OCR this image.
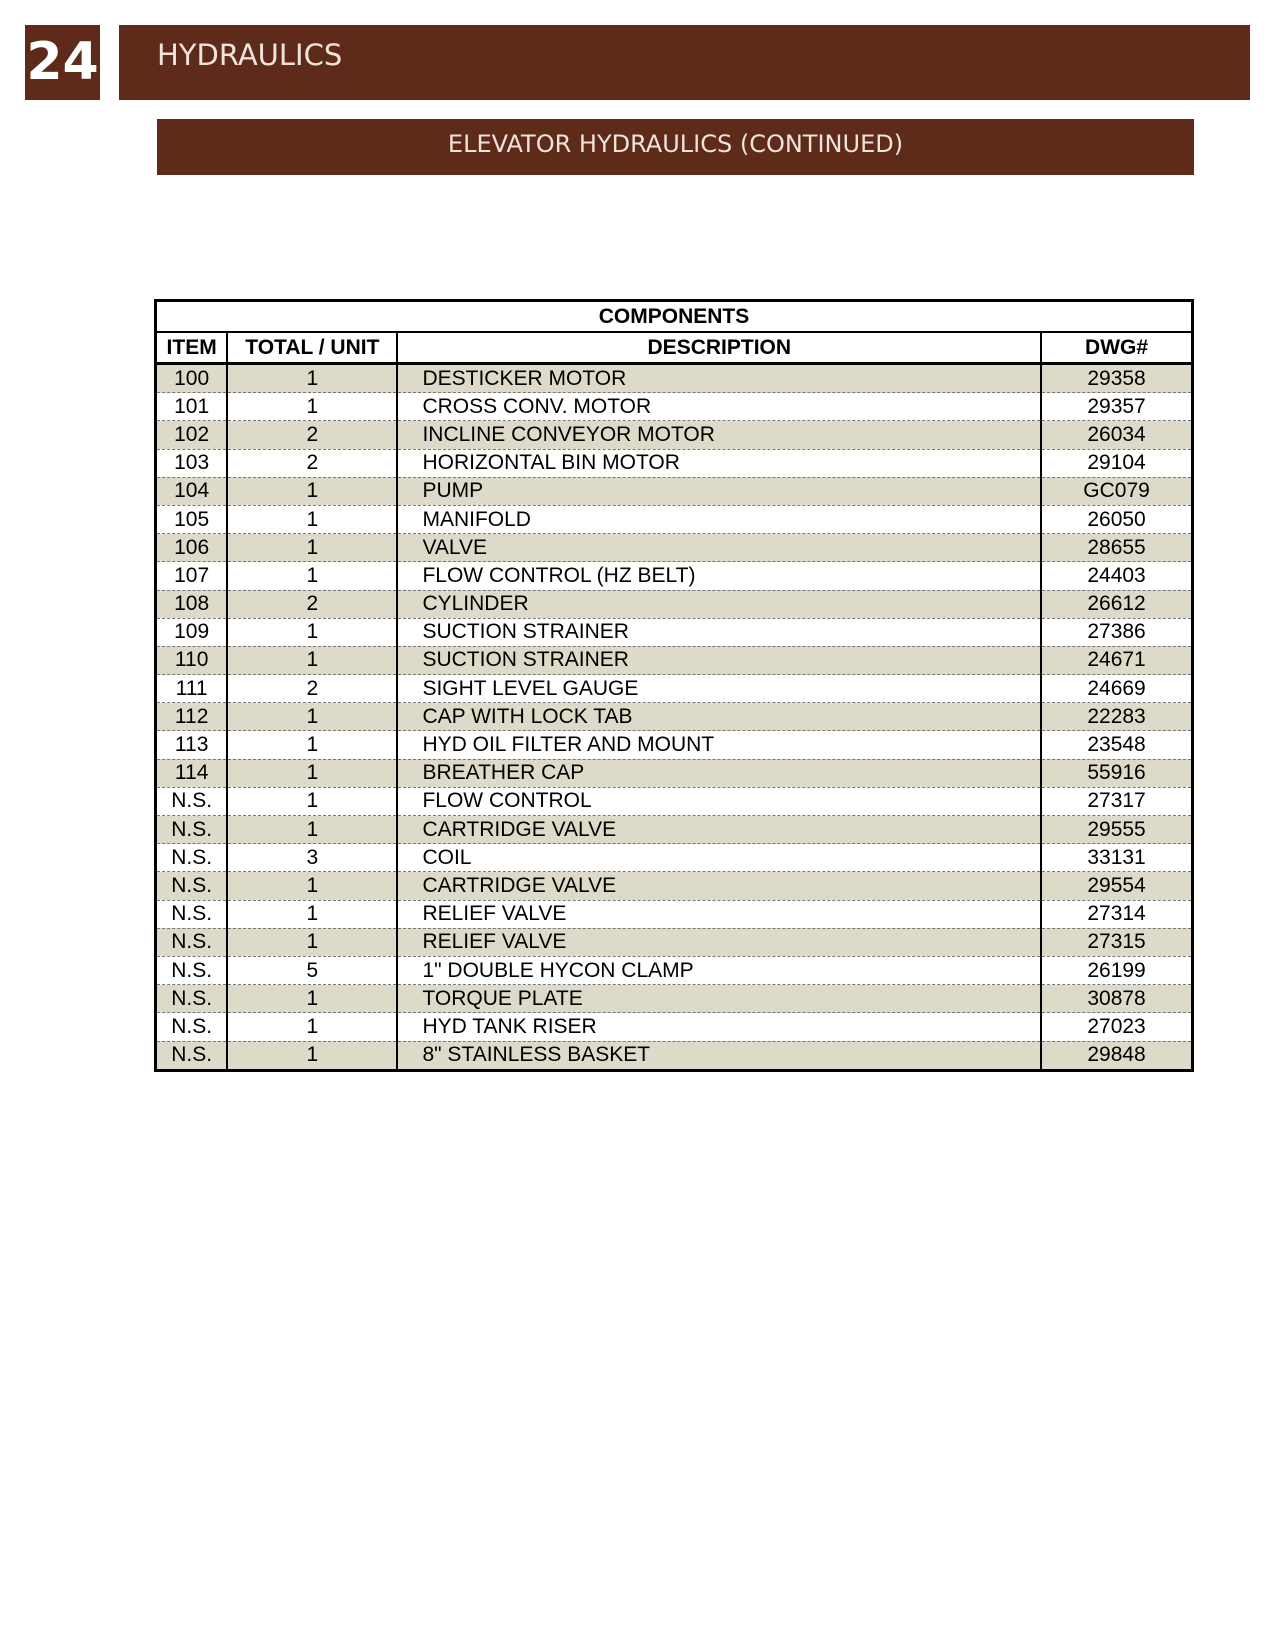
24	HYDRAULICS
ELEVATOR HYDRAULICS (CONTINUED)
COMPONENTS			
ITEM	TOTAL / UNIT	DESCRIPTION	DWG#
100	1	DESTICKER MOTOR	29358
101	1	CROSS CONV. MOTOR	29357
102	2	INCLINE CONVEYOR MOTOR	26034
103	2	HORIZONTAL BIN MOTOR	29104
104	1	PUMP	GC079
105	1	MANIFOLD	26050
106	1	VALVE	28655
107	1	FLOW CONTROL (HZ BELT)	24403
108	2	CYLINDER	26612
109	1	SUCTION STRAINER	27386
110	1	SUCTION STRAINER	24671
111	2	SIGHT LEVEL GAUGE	24669
112	1	CAP WITH LOCK TAB	22283
113	1	HYD OIL FILTER AND MOUNT	23548
114	1	BREATHER CAP	55916
N.S.	1	FLOW CONTROL	27317
N.S.	1	CARTRIDGE VALVE	29555
N.S.	3	COIL	33131
N.S.	1	CARTRIDGE VALVE	29554
N.S.	1	RELIEF VALVE	27314
N.S.	1	RELIEF VALVE	27315
N.S.	5	1" DOUBLE HYCON CLAMP	26199
N.S.	1	TORQUE PLATE	30878
N.S.	1	HYD TANK RISER	27023
N.S.	1	8" STAINLESS BASKET	29848
